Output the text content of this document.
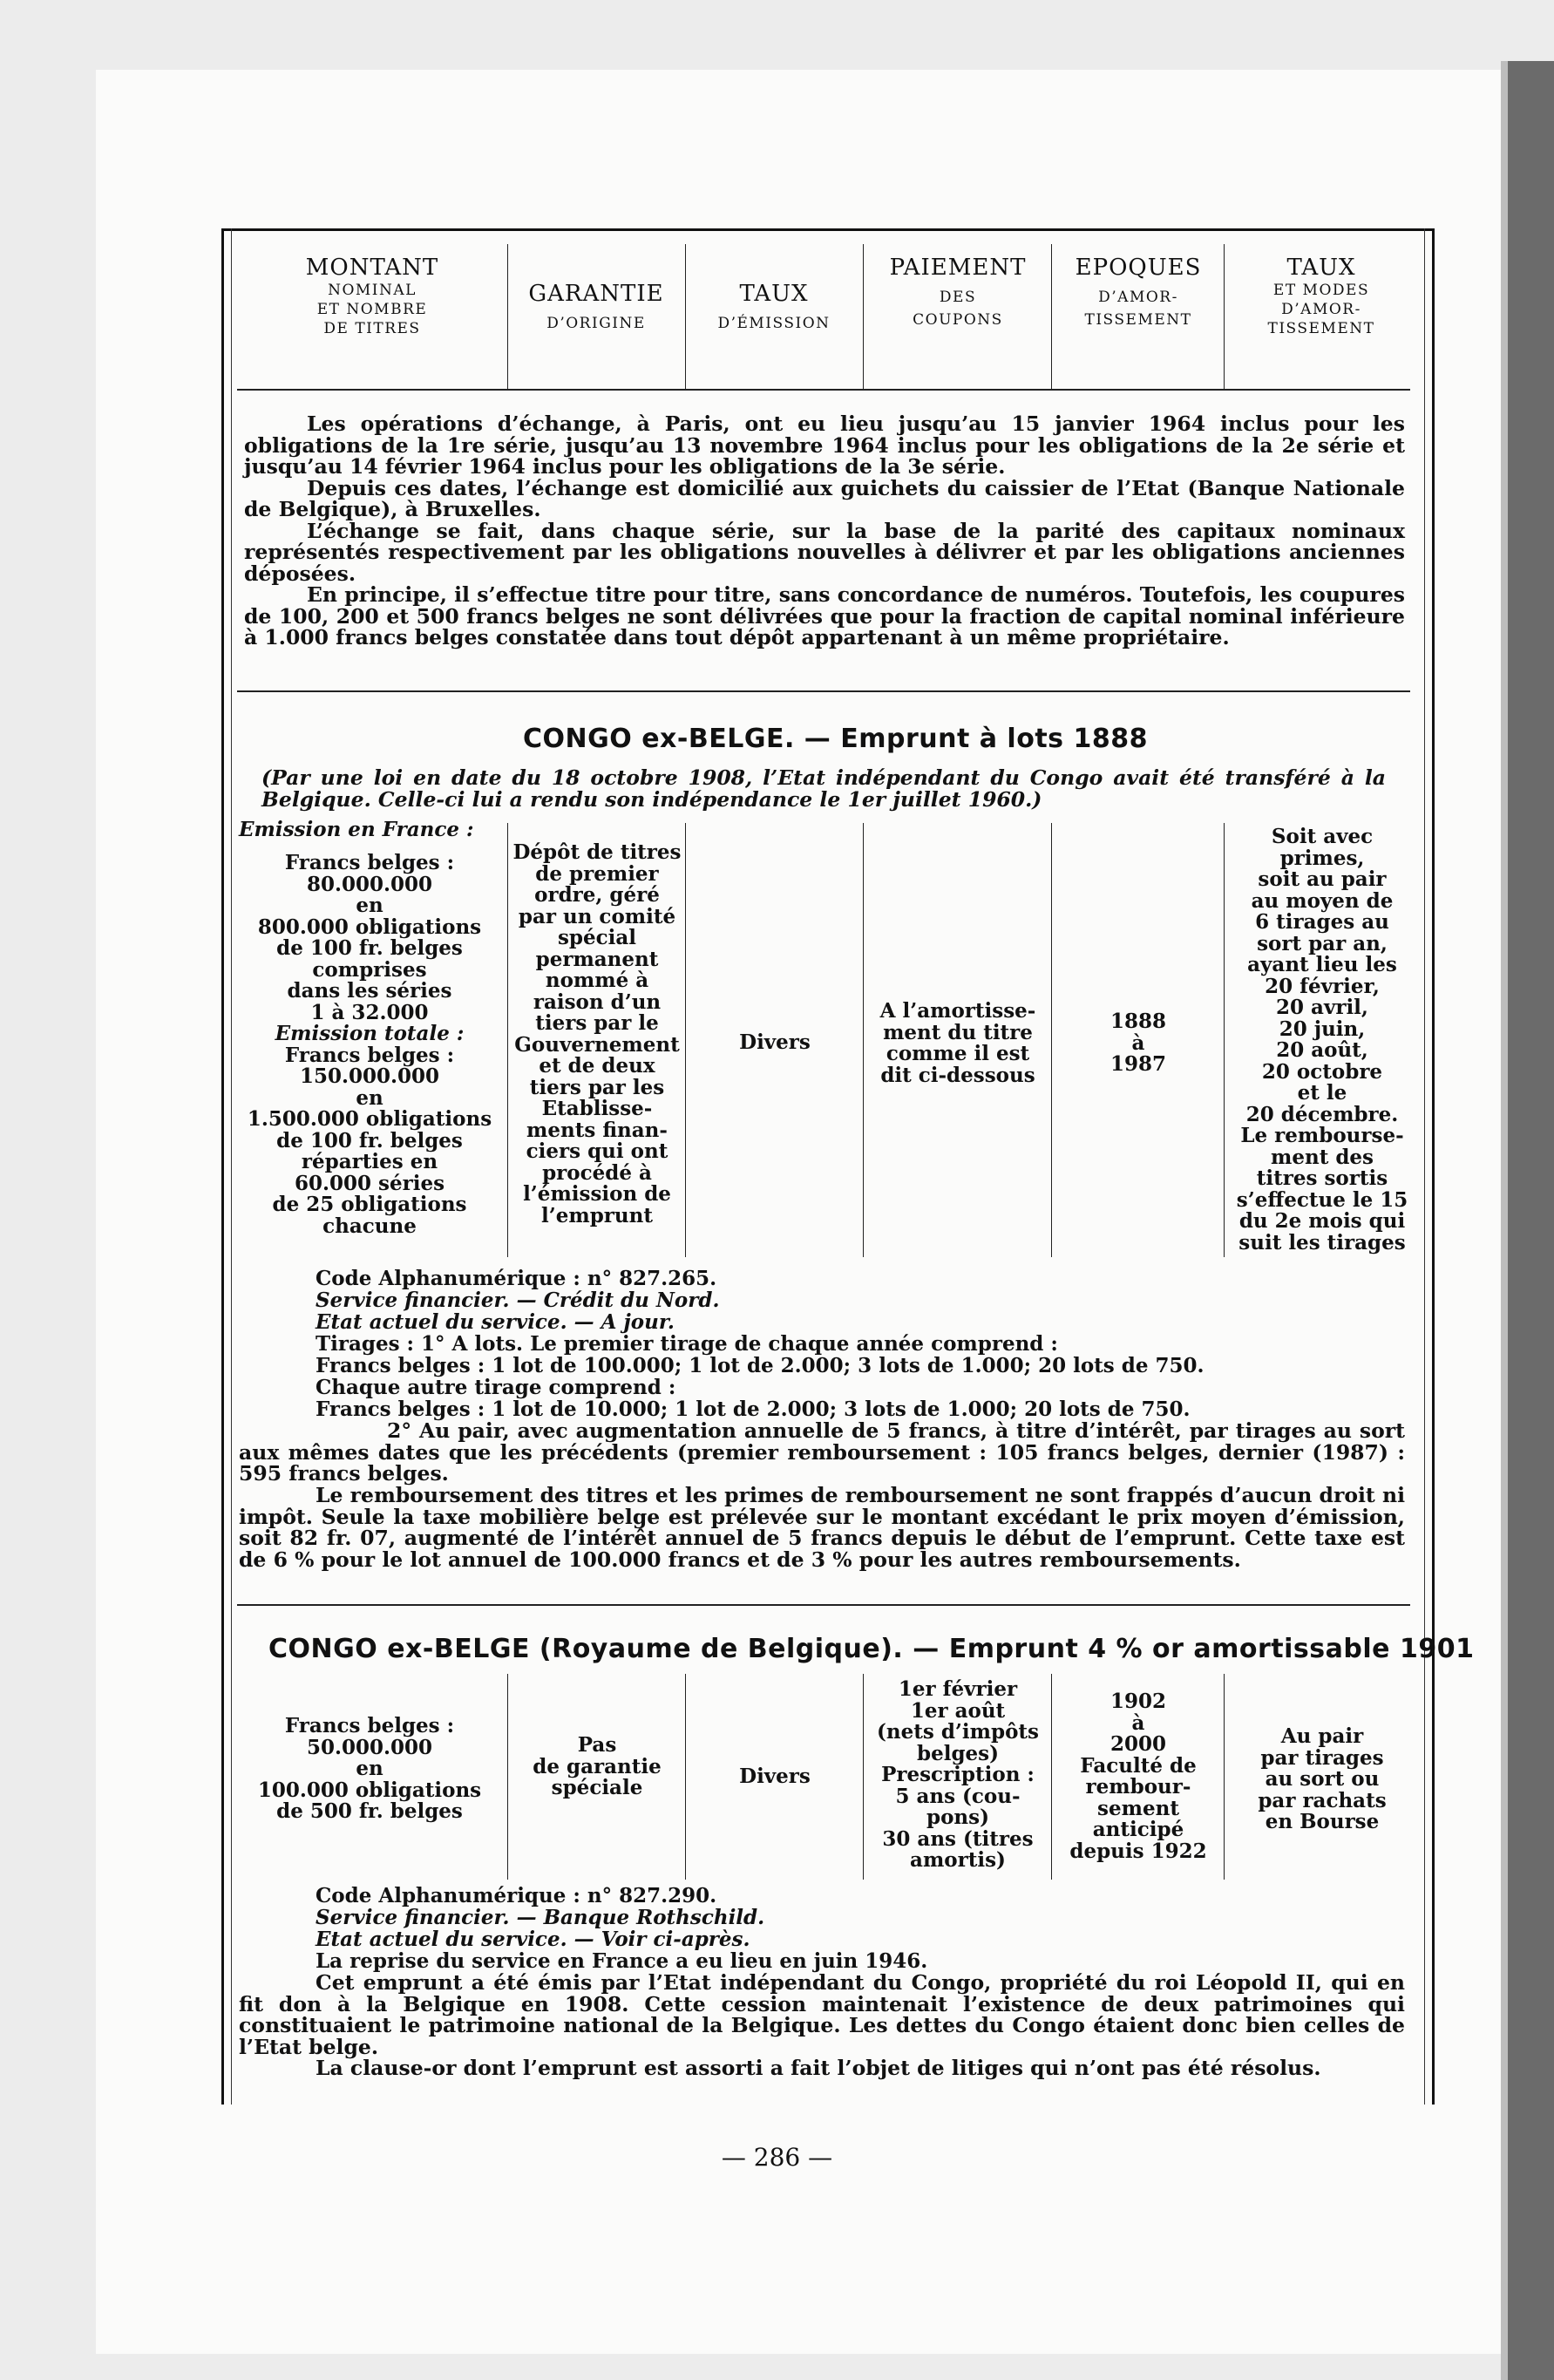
MONTANT
NOMINAL
ET NOMBRE
DE TITRES
GARANTIE
D’ORIGINE
TAUX
D’ÉMISSION
PAIEMENT
DES
COUPONS
EPOQUES
D’AMOR-
TISSEMENT
TAUX
ET MODES
D’AMOR-
TISSEMENT

Les opérations d’échange, à Paris, ont eu lieu jusqu’au 15 janvier 1964 inclus pour les obligations de la 1re série, jusqu’au 13 novembre 1964 inclus pour les obligations de la 2e série et jusqu’au 14 février 1964 inclus pour les obligations de la 3e série.

Depuis ces dates, l’échange est domicilié aux guichets du caissier de l’Etat (Banque Nationale de Belgique), à Bruxelles.

L’échange se fait, dans chaque série, sur la base de la parité des capitaux nominaux représentés respectivement par les obligations nouvelles à délivrer et par les obligations anciennes déposées.

En principe, il s’effectue titre pour titre, sans concordance de numéros. Toutefois, les coupures de 100, 200 et 500 francs belges ne sont délivrées que pour la fraction de capital nominal inférieure à 1.000 francs belges constatée dans tout dépôt appartenant à un même propriétaire.

CONGO ex-BELGE. — Emprunt à lots 1888
(Par une loi en date du 18 octobre 1908, l’Etat indépendant du Congo avait été transféré à la Belgique. Celle-ci lui a rendu son indépendance le 1er juillet 1960.)
Emission en France :
Francs belges :
80.000.000
en
800.000 obligations
de 100 fr. belges
comprises
dans les séries
1 à 32.000
Emission totale :
Francs belges :
150.000.000
en
1.500.000 obligations
de 100 fr. belges
réparties en
60.000 séries
de 25 obligations
chacune
Dépôt de titres
de premier
ordre, géré
par un comité
spécial
permanent
nommé à
raison d’un
tiers par le
Gouvernement
et de deux
tiers par les
Etablisse-
ments finan-
ciers qui ont
procédé à
l’émission de
l’emprunt
Divers
A l’amortisse-
ment du titre
comme il est
dit ci-dessous
1888
à
1987
Soit avec
primes,
soit au pair
au moyen de
6 tirages au
sort par an,
ayant lieu les
20 février,
20 avril,
20 juin,
20 août,
20 octobre
et le
20 décembre.
Le rembourse-
ment des
titres sortis
s’effectue le 15
du 2e mois qui
suit les tirages
Code Alphanumérique : n° 827.265.
Service financier. — Crédit du Nord.
Etat actuel du service. — A jour.
Tirages : 1° A lots. Le premier tirage de chaque année comprend :
Francs belges : 1 lot de 100.000; 1 lot de 2.000; 3 lots de 1.000; 20 lots de 750.
Chaque autre tirage comprend :
Francs belges : 1 lot de 10.000; 1 lot de 2.000; 3 lots de 1.000; 20 lots de 750.

2° Au pair, avec augmentation annuelle de 5 francs, à titre d’intérêt, par tirages au sort aux mêmes dates que les précédents (premier remboursement : 105 francs belges, dernier (1987) : 595 francs belges.

Le remboursement des titres et les primes de remboursement ne sont frappés d’aucun droit ni impôt. Seule la taxe mobilière belge est prélevée sur le montant excédant le prix moyen d’émission, soit 82 fr. 07, augmenté de l’intérêt annuel de 5 francs depuis le début de l’emprunt. Cette taxe est de 6 % pour le lot annuel de 100.000 francs et de 3 % pour les autres remboursements.

CONGO ex-BELGE (Royaume de Belgique). — Emprunt 4 % or amortissable 1901
Francs belges :
50.000.000
en
100.000 obligations
de 500 fr. belges
Pas
de garantie
spéciale	Divers
1er février
1er août
(nets d’impôts
belges)
Prescription :
5 ans (cou-
pons)
30 ans (titres
amortis)
1902
à
2000
Faculté de
rembour-
sement
anticipé
depuis 1922
Au pair
par tirages
au sort ou
par rachats
en Bourse
Code Alphanumérique : n° 827.290.
Service financier. — Banque Rothschild.
Etat actuel du service. — Voir ci-après.
La reprise du service en France a eu lieu en juin 1946.

Cet emprunt a été émis par l’Etat indépendant du Congo, propriété du roi Léopold II, qui en fit don à la Belgique en 1908. Cette cession maintenait l’existence de deux patrimoines qui constituaient le patrimoine national de la Belgique. Les dettes du Congo étaient donc bien celles de l’Etat belge.

La clause-or dont l’emprunt est assorti a fait l’objet de litiges qui n’ont pas été résolus.

— 286 —
